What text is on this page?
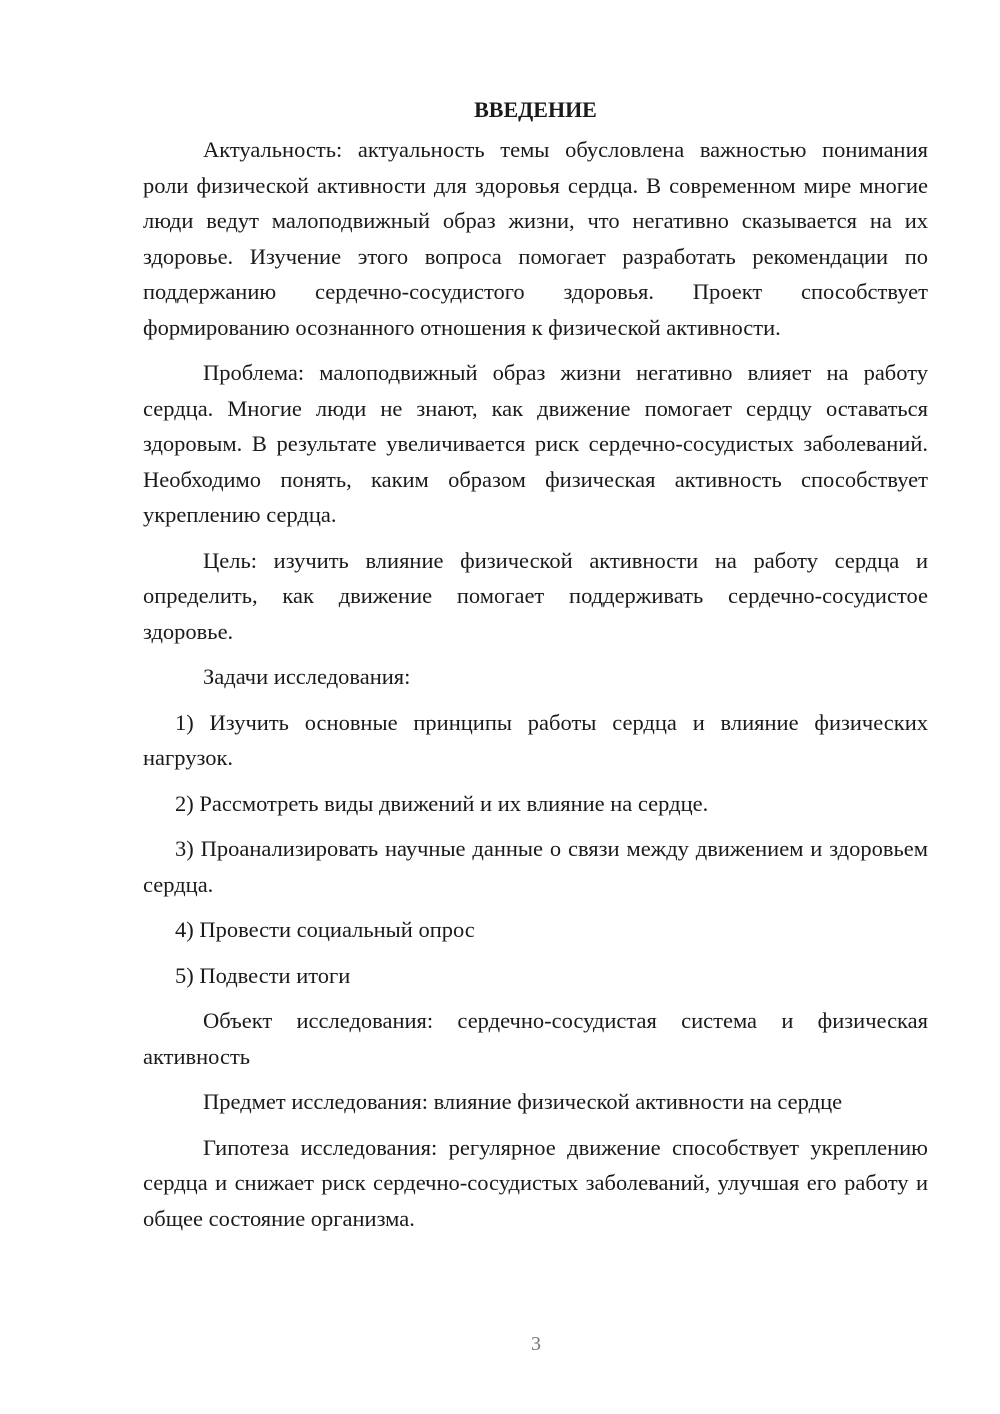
ВВЕДЕНИЕ

Актуальность: актуальность темы обусловлена важностью понимания роли физической активности для здоровья сердца. В современном мире многие люди ведут малоподвижный образ жизни, что негативно сказывается на их здоровье. Изучение этого вопроса помогает разработать рекомендации по поддержанию сердечно-сосудистого здоровья. Проект способствует формированию осознанного отношения к физической активности.

Проблема: малоподвижный образ жизни негативно влияет на работу сердца. Многие люди не знают, как движение помогает сердцу оставаться здоровым. В результате увеличивается риск сердечно-сосудистых заболеваний. Необходимо понять, каким образом физическая активность способствует укреплению сердца.

Цель: изучить влияние физической активности на работу сердца и определить, как движение помогает поддерживать сердечно-сосудистое здоровье.

Задачи исследования:

1) Изучить основные принципы работы сердца и влияние физических нагрузок.

2) Рассмотреть виды движений и их влияние на сердце.

3) Проанализировать научные данные о связи между движением и здоровьем сердца.

4) Провести социальный опрос

5) Подвести итоги

Объект исследования: сердечно-сосудистая система и физическая активность

Предмет исследования: влияние физической активности на сердце

Гипотеза исследования: регулярное движение способствует укреплению сердца и снижает риск сердечно-сосудистых заболеваний, улучшая его работу и общее состояние организма.

3
